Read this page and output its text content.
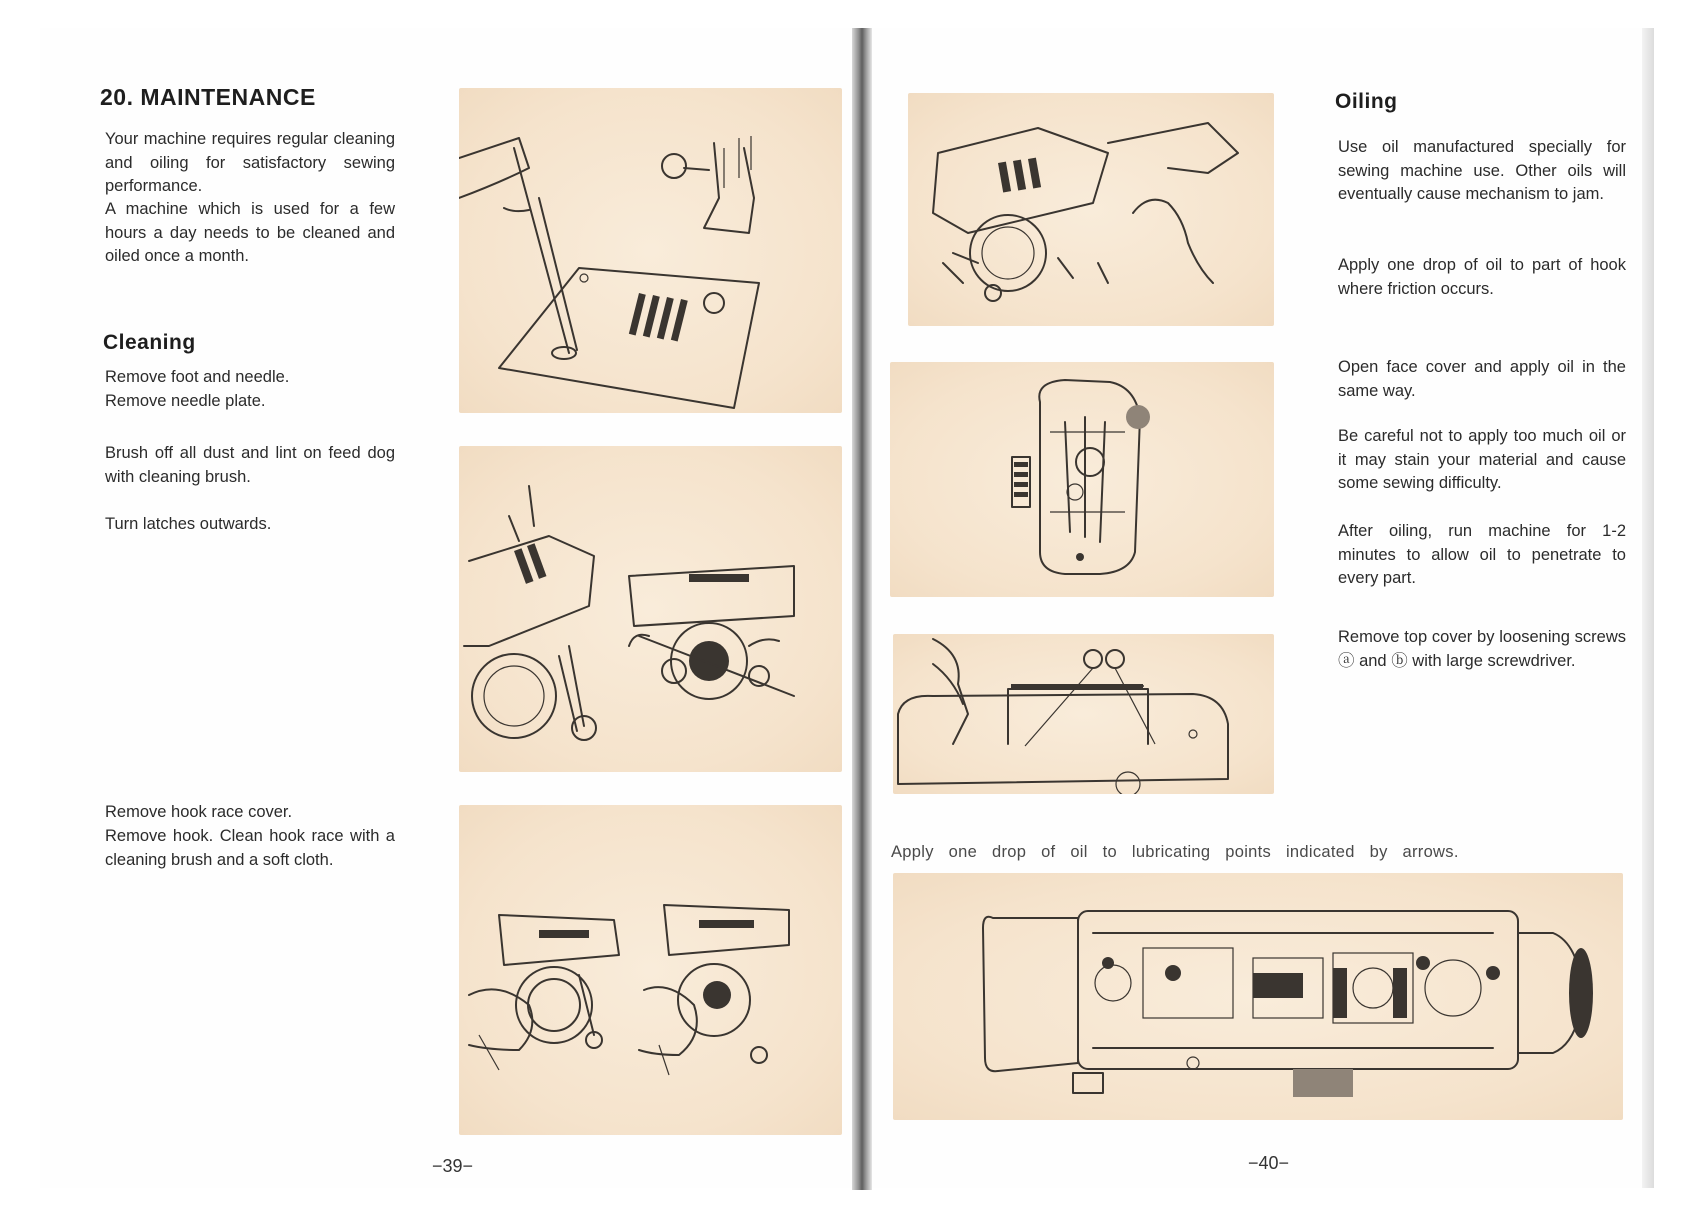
20. MAINTENANCE

Your machine requires regular cleaning and oiling for satisfactory sewing performance.

A machine which is used for a few hours a day needs to be cleaned and oiled once a month.

Cleaning

Remove foot and needle.

Remove needle plate.

Brush off all dust and lint on feed dog with cleaning brush.

Turn latches outwards.

Remove hook race cover.

Remove hook. Clean hook race with a cleaning brush and a soft cloth.

−39−
Oiling

Use oil manufactured specially for sewing machine use. Other oils will eventually cause mechanism to jam.

Apply one drop of oil to part of hook where friction occurs.

Open face cover and apply oil in the same way.

Be careful not to apply too much oil or it may stain your material and cause some sewing difficulty.

After oiling, run machine for 1-2 minutes to allow oil to penetrate to every part.

Remove top cover by loosening screws ⓐ and ⓑ with large screwdriver.

Apply one drop of oil to lubricating points indicated by arrows.
−40−
